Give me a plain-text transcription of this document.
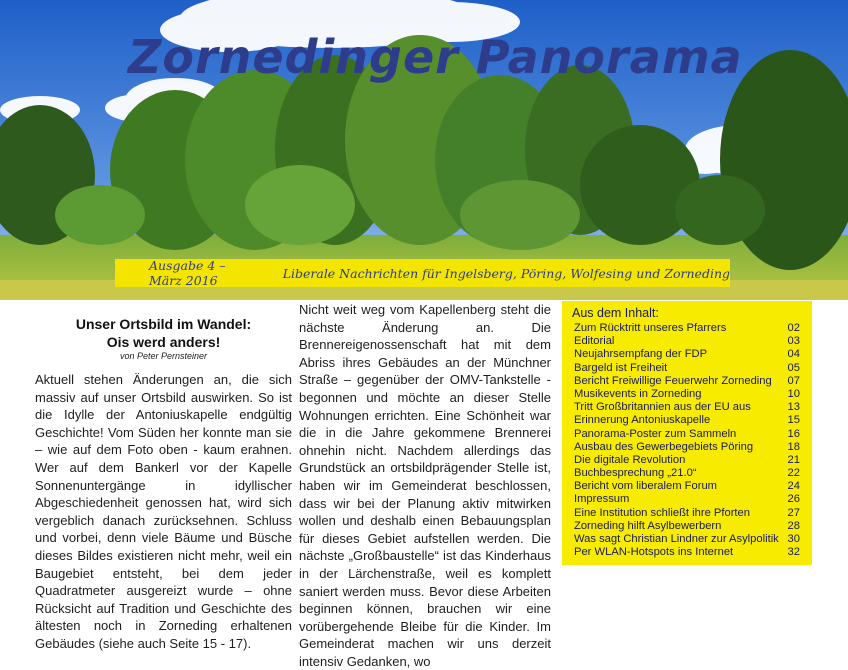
Zornedinger Panorama
Ausgabe 4 – März 2016	Liberale Nachrichten für Ingelsberg, Pöring, Wolfesing und Zorneding
Unser Ortsbild im Wandel:
Ois werd anders!
von Peter Pernsteiner

Aktuell stehen Änderungen an, die sich massiv auf unser Ortsbild auswirken. So ist die Idylle der Antoniuskapelle endgültig Geschichte! Vom Süden her konnte man sie – wie auf dem Foto oben - kaum erahnen. Wer auf dem Bankerl vor der Kapelle Sonnenuntergänge in idyllischer Abgeschiedenheit genossen hat, wird sich vergeblich danach zurücksehnen. Schluss und vorbei, denn viele Bäume und Büsche dieses Bildes existieren nicht mehr, weil ein Baugebiet entsteht, bei dem jeder Quadratmeter ausgereizt wurde – ohne Rücksicht auf Tradition und Geschichte des ältesten noch in Zorneding erhaltenen Gebäudes (siehe auch Seite 15 - 17).

Nicht weit weg vom Kapellenberg steht die nächste Änderung an. Die Brennereigenossenschaft hat mit dem Abriss ihres Gebäudes an der Münchner Straße – gegenüber der OMV-Tankstelle - begonnen und möchte an dieser Stelle Wohnungen errichten. Eine Schönheit war die in die Jahre gekommene Brennerei ohnehin nicht. Nachdem allerdings das Grundstück an ortsbildprägender Stelle ist, haben wir im Gemeinderat beschlossen, dass wir bei der Planung aktiv mitwirken wollen und deshalb einen Bebauungsplan für dieses Gebiet aufstellen werden. Die nächste „Großbaustelle“ ist das Kinderhaus in der Lärchenstraße, weil es komplett saniert werden muss. Bevor diese Arbeiten beginnen können, brauchen wir eine vorübergehende Bleibe für die Kinder. Im Gemeinderat machen wir uns derzeit intensiv Gedanken, wo

Aus dem Inhalt:
Zum Rücktritt unseres Pfarrers	02
Editorial	03
Neujahrsempfang der FDP	04
Bargeld ist Freiheit	05
Bericht Freiwillige Feuerwehr Zorneding 07
Musikevents in Zorneding	10
Tritt Großbritannien aus der EU aus	13
Erinnerung Antoniuskapelle	15
Panorama-Poster zum Sammeln	16
Ausbau des Gewerbegebiets Pöring	18
Die digitale Revolution	21
Buchbesprechung „21.0“	22
Bericht vom liberalem Forum	24
Impressum	26
Eine Institution schließt ihre Pforten	27
Zorneding hilft Asylbewerbern	28
Was sagt Christian Lindner zur Asylpolitik 30
Per WLAN-Hotspots ins Internet	32
